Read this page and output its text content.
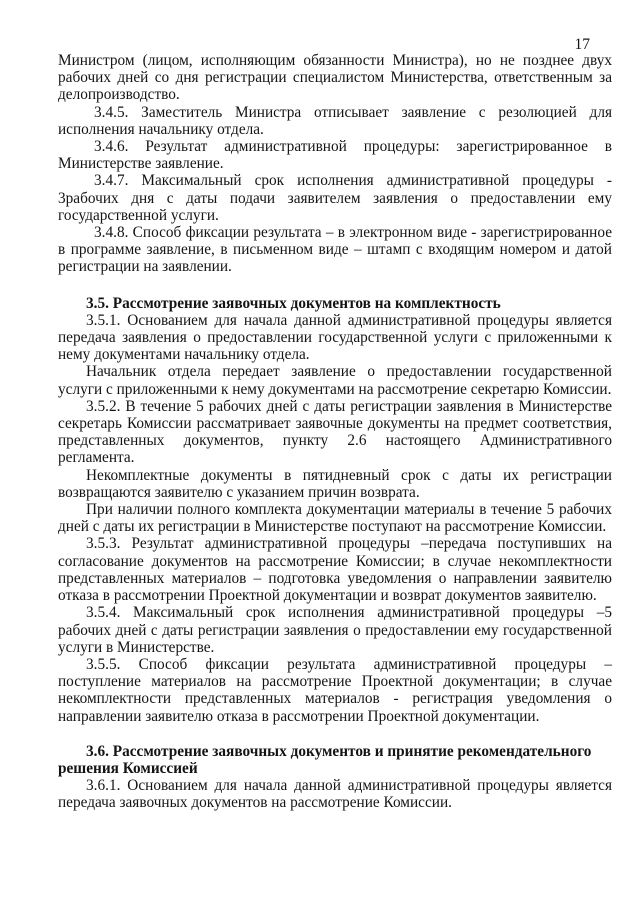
17

Министром (лицом, исполняющим обязанности Министра), но не позднее двух рабочих дней со дня регистрации специалистом Министерства, ответственным за делопроизводство.

3.4.5. Заместитель Министра отписывает заявление с резолюцией для исполнения начальнику отдела.

3.4.6. Результат административной процедуры: зарегистрированное в Министерстве заявление.

3.4.7. Максимальный срок исполнения административной процедуры - 3рабочих дня с даты подачи заявителем заявления о предоставлении ему государственной услуги.

3.4.8. Способ фиксации результата – в электронном виде - зарегистрированное в программе заявление, в письменном виде – штамп с входящим номером и датой регистрации на заявлении.

3.5. Рассмотрение заявочных документов на комплектность

3.5.1. Основанием для начала данной административной процедуры является передача заявления о предоставлении государственной услуги с приложенными к нему документами начальнику отдела.

Начальник отдела передает заявление о предоставлении государственной услуги с приложенными к нему документами на рассмотрение секретарю Комиссии.

3.5.2. В течение 5 рабочих дней с даты регистрации заявления в Министерстве секретарь Комиссии рассматривает заявочные документы на предмет соответствия, представленных документов, пункту 2.6 настоящего Административного регламента.

Некомплектные документы в пятидневный срок с даты их регистрации возвращаются заявителю с указанием причин возврата.

При наличии полного комплекта документации материалы в течение 5 рабочих дней с даты их регистрации в Министерстве поступают на рассмотрение Комиссии.

3.5.3. Результат административной процедуры –передача поступивших на согласование документов на рассмотрение Комиссии; в случае некомплектности представленных материалов – подготовка уведомления о направлении заявителю отказа в рассмотрении Проектной документации и возврат документов заявителю.

3.5.4. Максимальный срок исполнения административной процедуры –5 рабочих дней с даты регистрации заявления о предоставлении ему государственной услуги в Министерстве.

3.5.5. Способ фиксации результата административной процедуры – поступление материалов на рассмотрение Проектной документации; в случае некомплектности представленных материалов - регистрация уведомления о направлении заявителю отказа в рассмотрении Проектной документации.

3.6. Рассмотрение заявочных документов и принятие рекомендательного решения Комиссией

3.6.1. Основанием для начала данной административной процедуры является передача заявочных документов на рассмотрение Комиссии.
